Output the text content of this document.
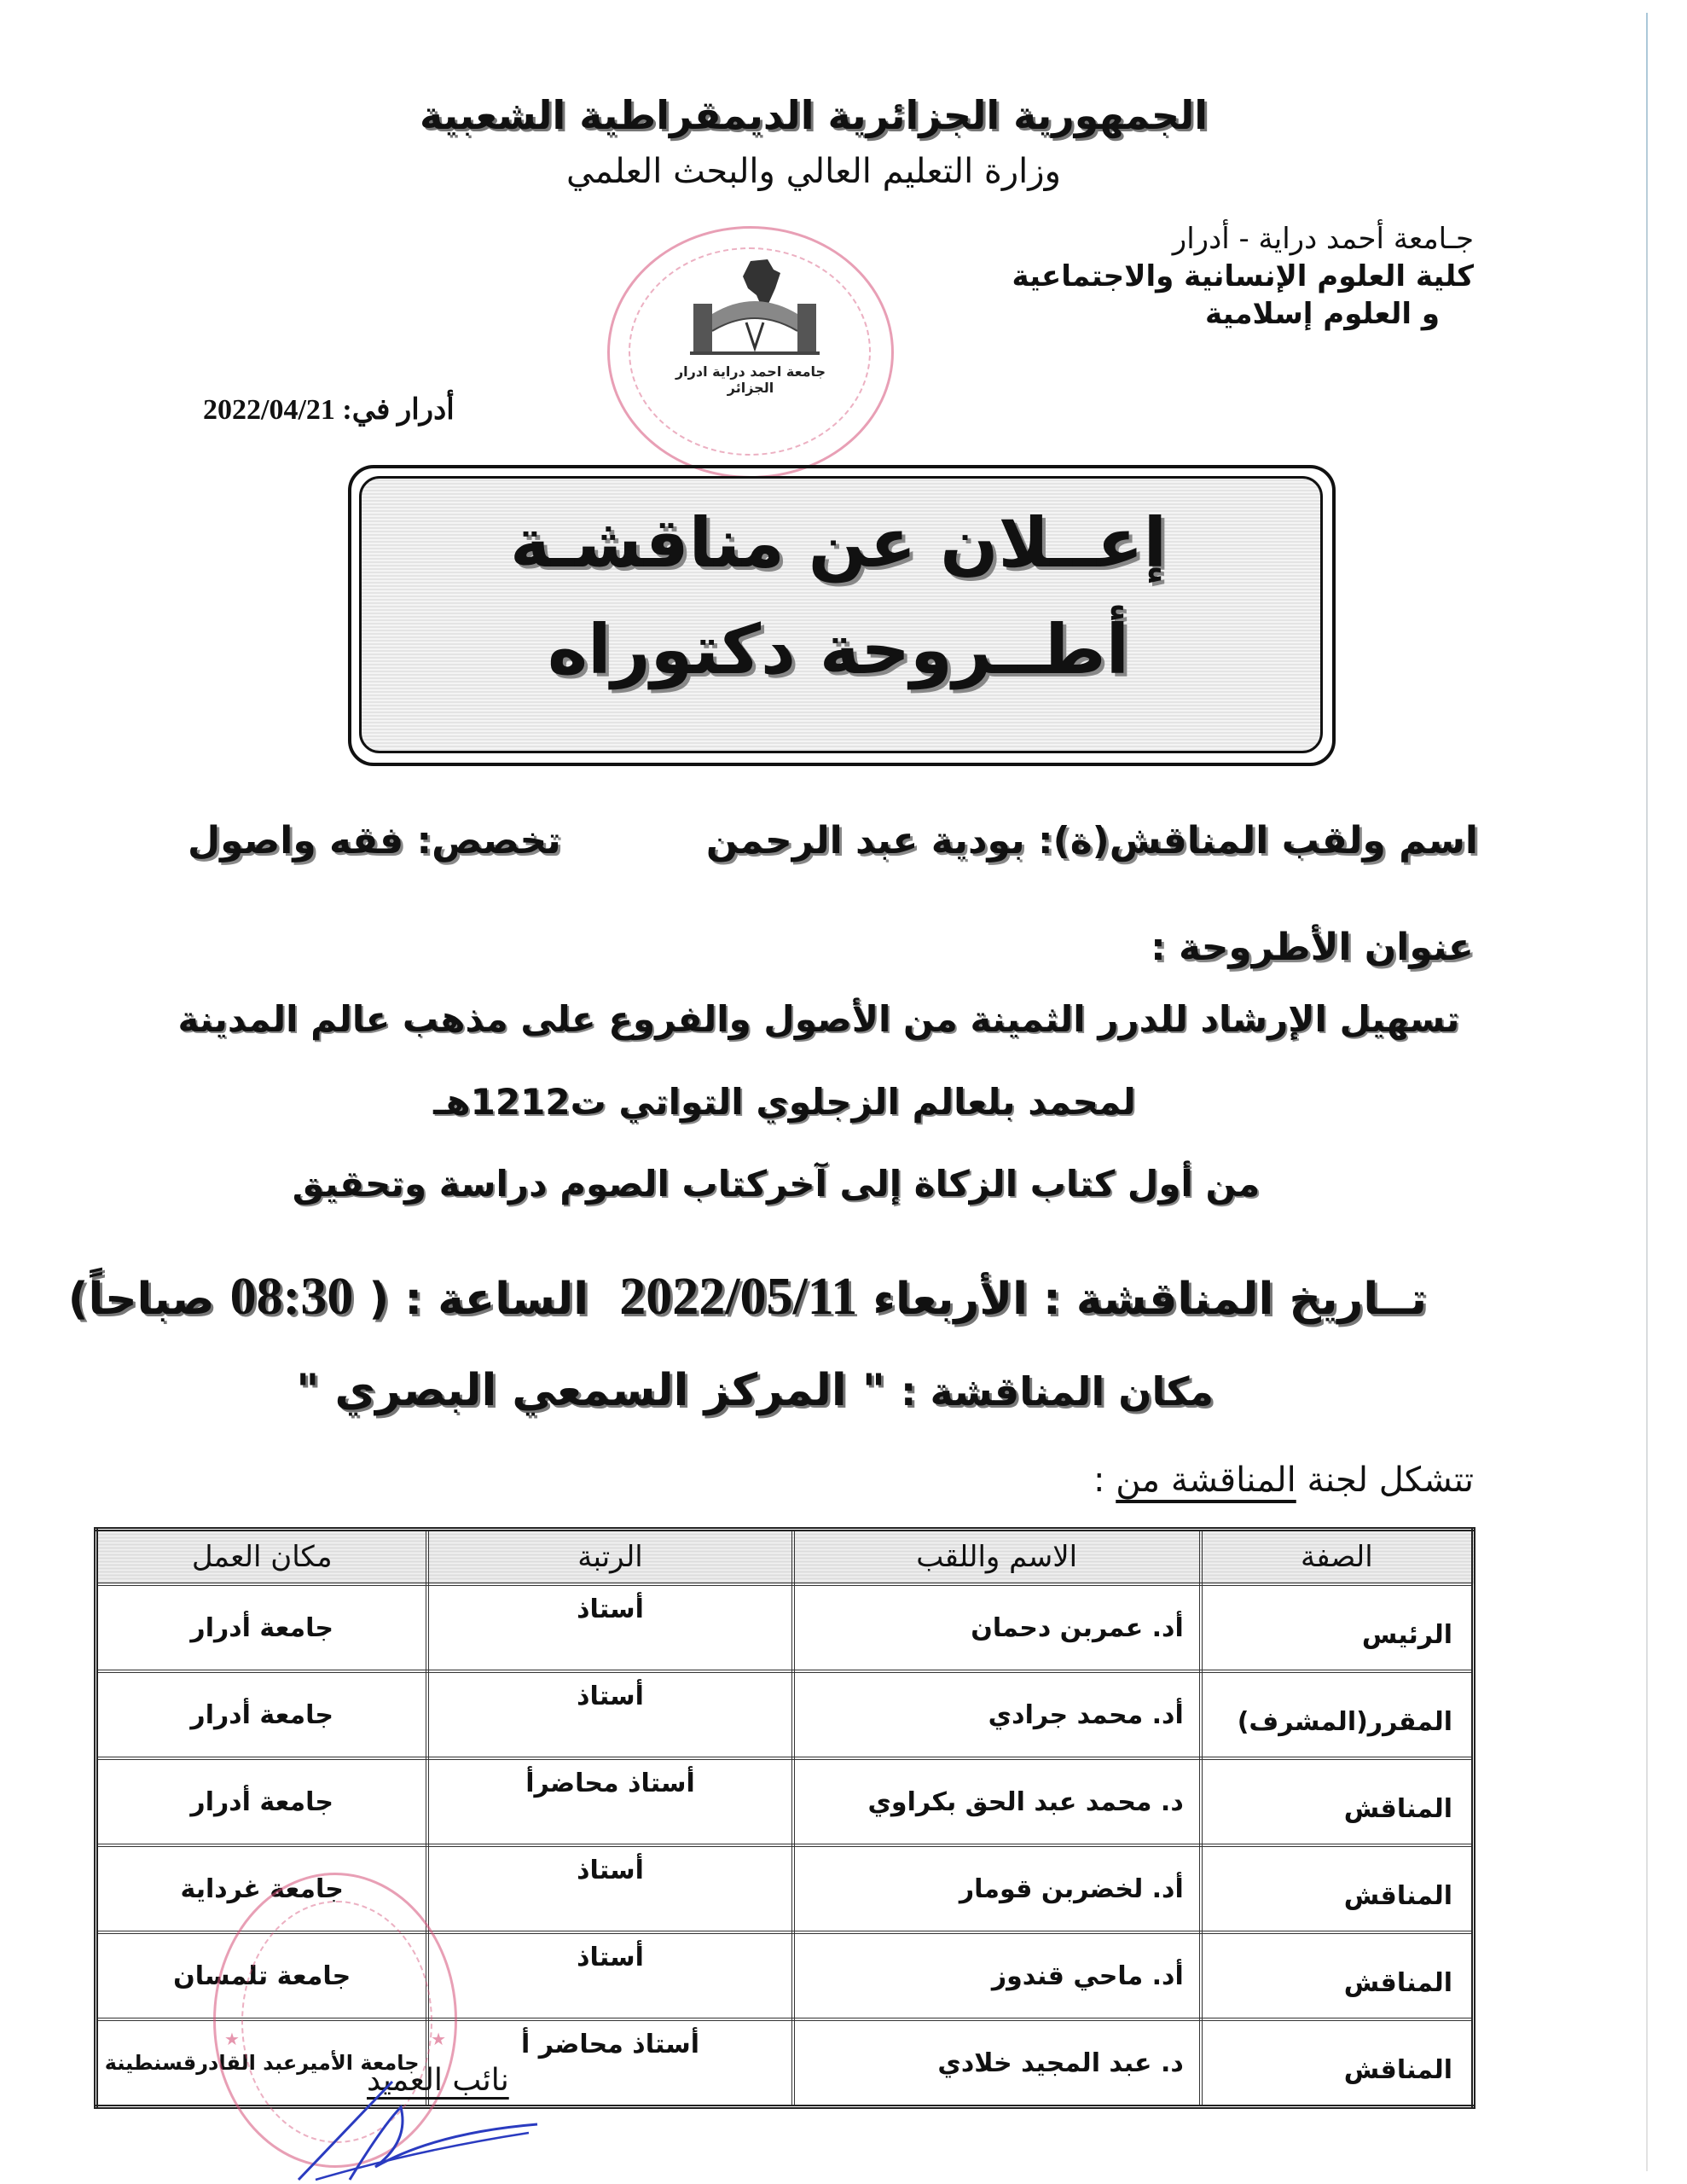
الجمهورية الجزائرية الديمقراطية الشعبية
وزارة التعليم العالي والبحث العلمي
جـامعة أحمد دراية - أدرار
كلية العلوم الإنسانية والاجتماعية
و العلوم إسلامية
جامعة احمد دراية ادرار الجزائر
أدرار في: 2022/04/21
إعــلان عن مناقشـة
أطــروحة دكتوراه
اسم ولقب المناقش(ة): بودية عبد الرحمن
تخصص: فقه واصول
عنوان الأطروحة :
تسهيل الإرشاد للدرر الثمينة من الأصول والفروع على مذهب عالم المدينة
لمحمد بلعالم الزجلوي التواتي ت1212هـ
من أول كتاب الزكاة إلى آخركتاب الصوم دراسة وتحقيق
تــاريخ المناقشة : الأربعاء 2022/05/11  الساعة : ( 08:30 صباحاً)
مكان المناقشة : " المركز السمعي البصري "
تتشكل لجنة المناقشة من :
الصفة	الاسم واللقب	الرتبة	مكان العمل
الرئيس	أد. عمربن دحمان	أستاذ	جامعة أدرار
المقرر(المشرف)	أد. محمد جرادي	أستاذ	جامعة أدرار
المناقش	د. محمد عبد الحق بكراوي	أستاذ محاضرأ	جامعة أدرار
المناقش	أد. لخضربن قومار	أستاذ	جامعة غرداية
المناقش	أد. ماحي قندوز	أستاذ	جامعة تلمسان
المناقش	د. عبد المجيد خلادي	أستاذ محاضر أ	جامعة الأميرعبد القادرقسنطينة
★	★
نائب العميد
